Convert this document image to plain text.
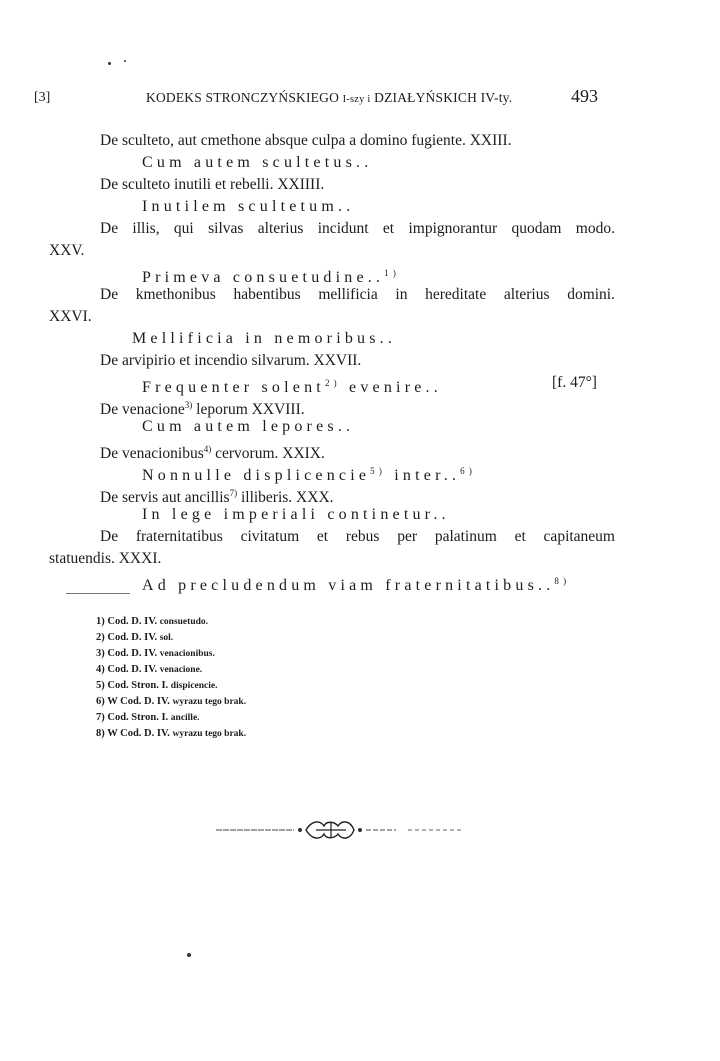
[3]	KODEKS STRONCZYŃSKIEGO I-szy i DZIAŁYŃSKICH IV-ty.	493
De sculteto, aut cmethone absque culpa a domino fugiente. XXIII.
Cum autem scultetus..
De sculteto inutili et rebelli. XXIIII.
Inutilem scultetum..
De illis, qui silvas alterius incidunt et impignorantur quodam modo.
XXV.
Primeva consuetudine..$^{1)}$
De kmethonibus habentibus mellificia in hereditate alterius domini.
XXVI.
Mellificia in nemoribus..
De arvipirio et incendio silvarum. XXVII.
Frequenter solent$^{2)}$ evenire..	[f. 47°]
De venacione$^{3)}$ leporum XXVIII.
Cum autem lepores..
De venacionibus$^{4)}$ cervorum. XXIX.
Nonnulle displicencie$^{5)}$ inter..$^{6)}$
De servis aut ancillis$^{7)}$ illiberis. XXX.
In lege imperiali continetur..
De fraternitatibus civitatum et rebus per palatinum et capitaneum
statuendis. XXXI.
Ad precludendum viam fraternitatibus..$^{8)}$
1) Cod. D. IV. consuetudo.
2) Cod. D. IV. sol.
3) Cod. D. IV. venacionibus.
4) Cod. D. IV. venacione.
5) Cod. Stron. I. dispicencie.
6) W Cod. D. IV. wyrazu tego brak.
7) Cod. Stron. I. ancille.
8) W Cod. D. IV. wyrazu tego brak.
